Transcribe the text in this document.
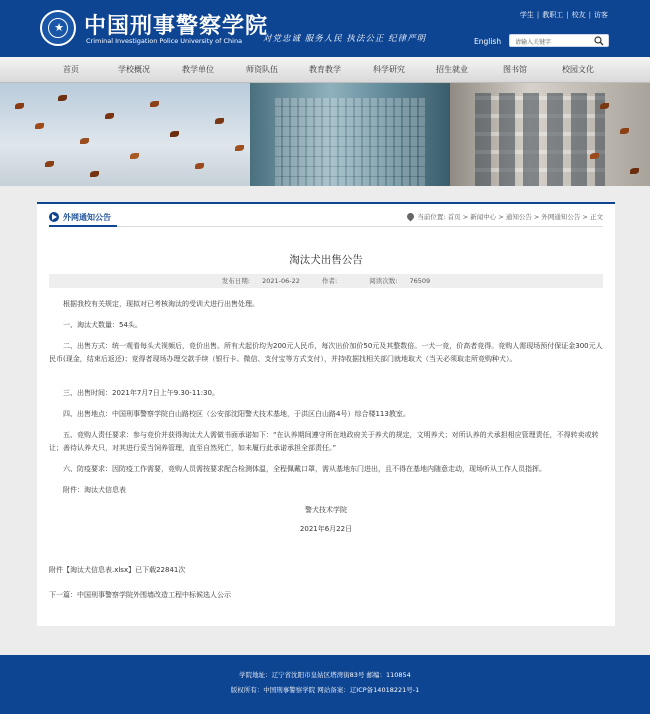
★ 中国刑事警察学院
Criminal Investigation Police University of China 对党忠诚 服务人民 执法公正 纪律严明
学生 | 教职工 | 校友 | 访客
English 请输入关键字
首页	学校概况	教学单位	师资队伍	教育教学	科学研究	招生就业	图书馆	校园文化
外网通知公告	当前位置: 首页 > 新闻中心 > 通知公告 > 外网通知公告 > 正文
淘汰犬出售公告
发布日期: 2021-06-22	作者:	阅读次数: 76509
根据我校有关规定，现拟对已考核淘汰的受训犬进行出售处理。
一、淘汰犬数量：54头。
二、出售方式：统一观看每头犬视频后，竞价出售。所有犬起价均为200元人民币，每次出价加价50元及其整数倍。一犬一竞，价高者竞得。竞购人需现场预付保证金300元人民币(现金，结束后返还)；竞得者现场办理交款手续（银行卡、微信、支付宝等方式支付），并持收据找相关部门就地取犬（当天必须取走所竞购种犬）。
三、出售时间：2021年7月7日上午9.30-11:30。
四、出售地点：中国刑事警察学院白山路校区（公安部沈阳警犬技术基地，于洪区白山路4号）综合楼113教室。
五、竞购人责任要求：参与竞价并获得淘汰犬人需做书面承诺如下：“在认养期间遵守所在地政府关于养犬的规定，文明养犬；对所认养的犬承担相应管理责任，不得转卖或转让；善待认养犬只，对其进行妥当饲养管理，直至自然死亡，如未履行此承诺承担全部责任。”
六、防疫要求：因防疫工作需要，竞购人员需按要求配合检测体温，全程佩戴口罩，需从基地东门进出，且不得在基地内随意走动，现场听从工作人员指挥。
附件：淘汰犬信息表
警犬技术学院
2021年6月22日
附件【淘汰犬信息表.xlsx】已下载22841次
下一篇：中国刑事警察学院外围墙改造工程中标候选人公示
学院地址：辽宁省沈阳市皇姑区塔湾街83号 邮编：110854
版权所有：中国刑事警察学院 网站备案：辽ICP备14018221号-1
